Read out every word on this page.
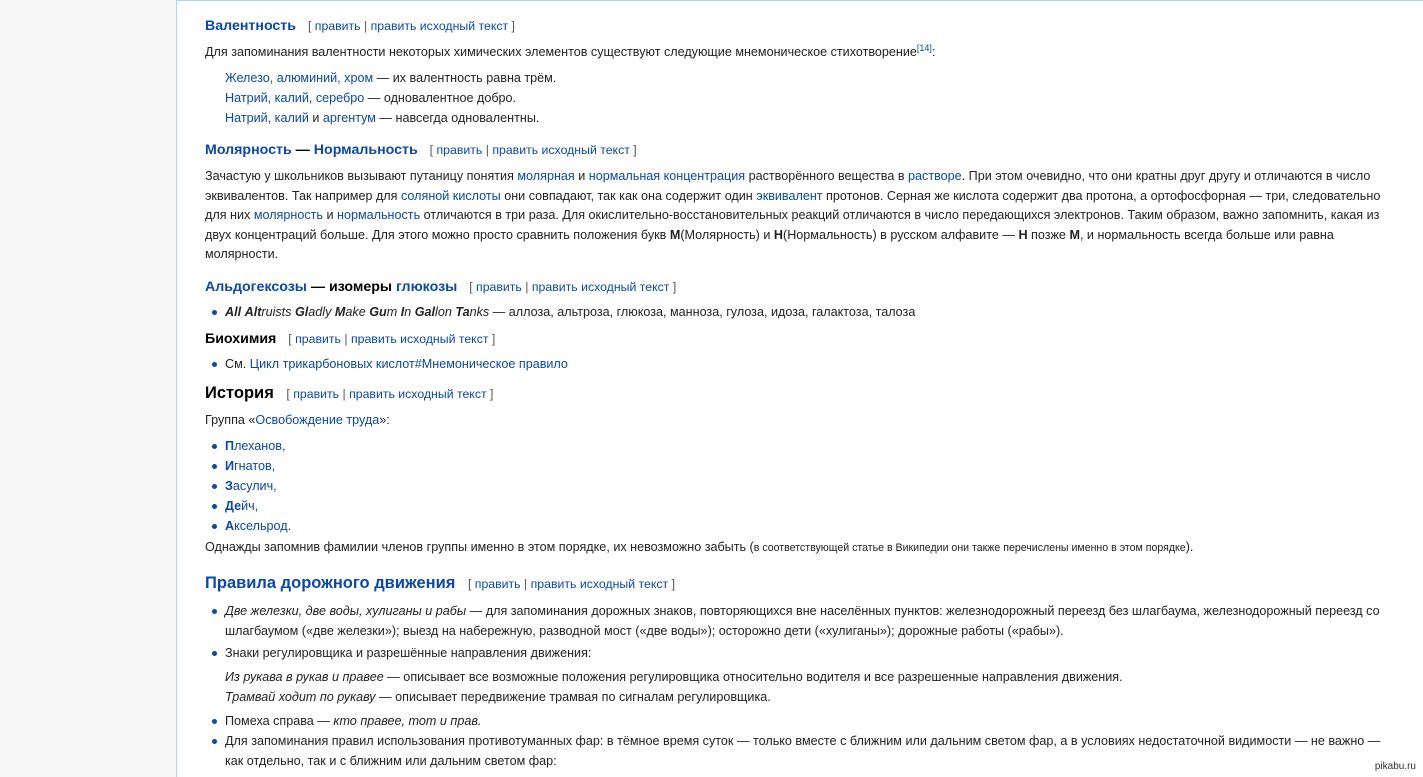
Валентность [ править | править исходный текст ]

Для запоминания валентности некоторых химических элементов существуют следующие мнемоническое стихотворение[14]:

Железо, алюминий, хром — их валентность равна трём.
Натрий, калий, серебро — одновалентное добро.
Натрий, калий и аргентум — навсегда одновалентны.
Молярность — Нормальность [ править | править исходный текст ]

Зачастую у школьников вызывают путаницу понятия молярная и нормальная концентрация растворённого вещества в растворе. При этом очевидно, что они кратны друг другу и отличаются в число эквивалентов. Так например для соляной кислоты они совпадают, так как она содержит один эквивалент протонов. Серная же кислота содержит два протона, а ортофосфорная — три, следовательно для них молярность и нормальность отличаются в три раза. Для окислительно-восстановительных реакций отличаются в число передающихся электронов. Таким образом, важно запомнить, какая из двух концентраций больше. Для этого можно просто сравнить положения букв М(Молярность) и Н(Нормальность) в русском алфавите — Н позже М, и нормальность всегда больше или равна молярности.

Альдогексозы — изомеры глюкозы [ править | править исходный текст ]
All Altruists Gladly Make Gum In Gallon Tanks — аллоза, альтроза, глюкоза, манноза, гулоза, идоза, галактоза, талоза
Биохимия [ править | править исходный текст ]
См. Цикл трикарбоновых кислот#Мнемоническое правило
История [ править | править исходный текст ]

Группа «Освобождение труда»:

Плеханов,
Игнатов,
Засулич,
Дейч,
Аксельрод.

Однажды запомнив фамилии членов группы именно в этом порядке, их невозможно забыть (в соответствующей статье в Википедии они также перечислены именно в этом порядке).

Правила дорожного движения [ править | править исходный текст ]
Две железки, две воды, хулиганы и рабы — для запоминания дорожных знаков, повторяющихся вне населённых пунктов: железнодорожный переезд без шлагбаума, железнодорожный переезд со шлагбаумом («две железки»); выезд на набережную, разводной мост («две воды»); осторожно дети («хулиганы»); дорожные работы («рабы»).
Знаки регулировщика и разрешённые направления движения:
Из рукава в рукав и правее — описывает все возможные положения регулировщика относительно водителя и все разрешенные направления движения.
Трамвай ходит по рукаву — описывает передвижение трамвая по сигналам регулировщика.
Помеха справа — кто правее, тот и прав.
Для запоминания правил использования противотуманных фар: в тёмное время суток — только вместе с ближним или дальним светом фар, а в условиях недостаточной видимости — не важно — как отдельно, так и с ближним или дальним светом фар:	pikabu.ru
